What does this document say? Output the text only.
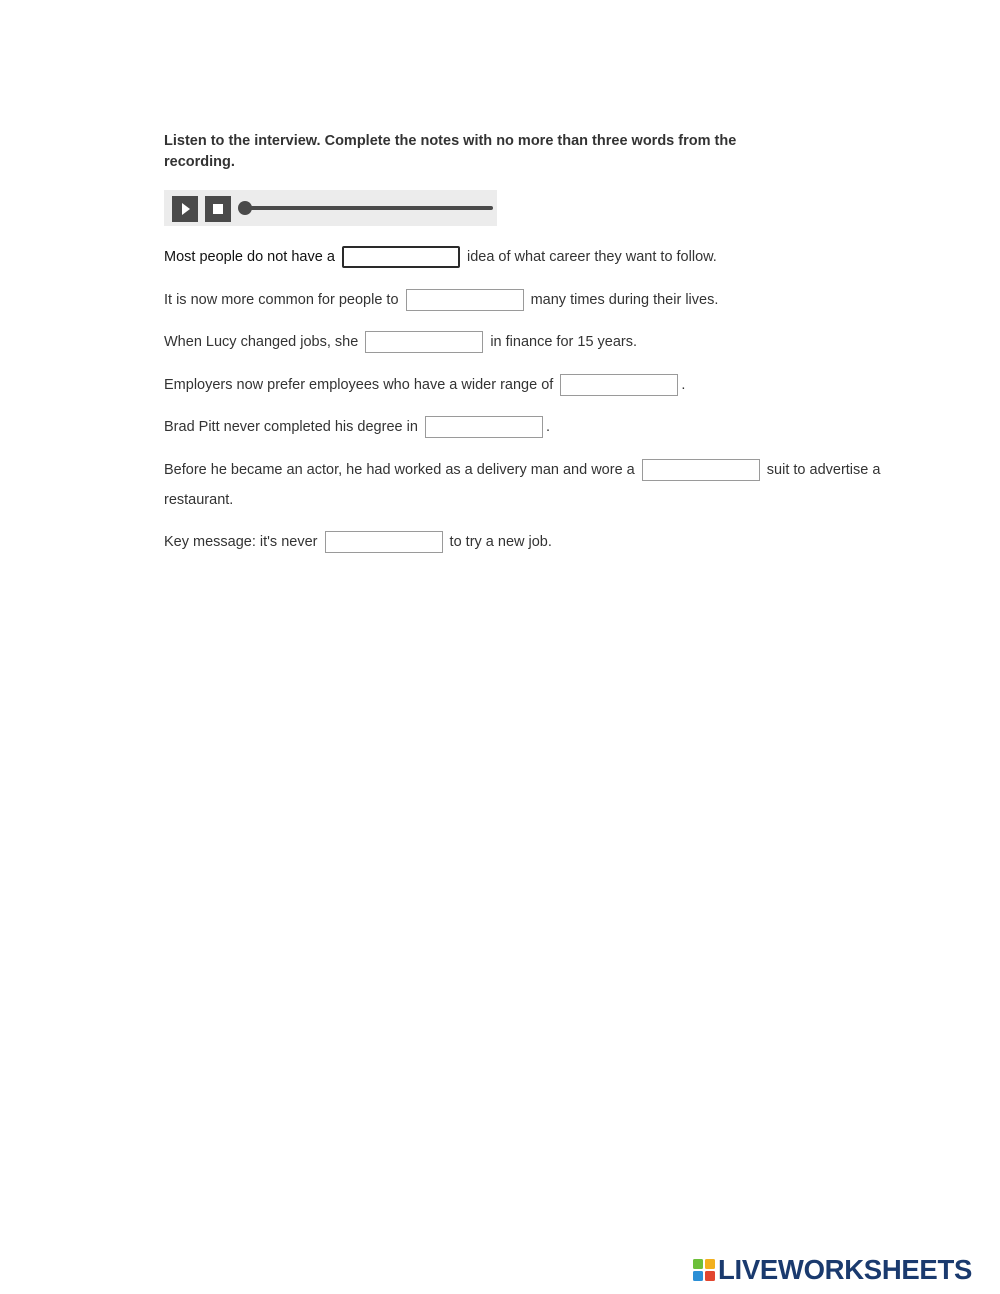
Listen to the interview. Complete the notes with no more than three words from the recording.
Most people do not have a	idea of what career they want to follow.
It is now more common for people to	many times during their lives.
When Lucy changed jobs, she	in finance for 15 years.
Employers now prefer employees who have a wider range of	.
Brad Pitt never completed his degree in	.
Before he became an actor, he had worked as a delivery man and wore a	suit to advertise a
restaurant.
Key message: it's never	to try a new job.
LIVEWORKSHEETS
